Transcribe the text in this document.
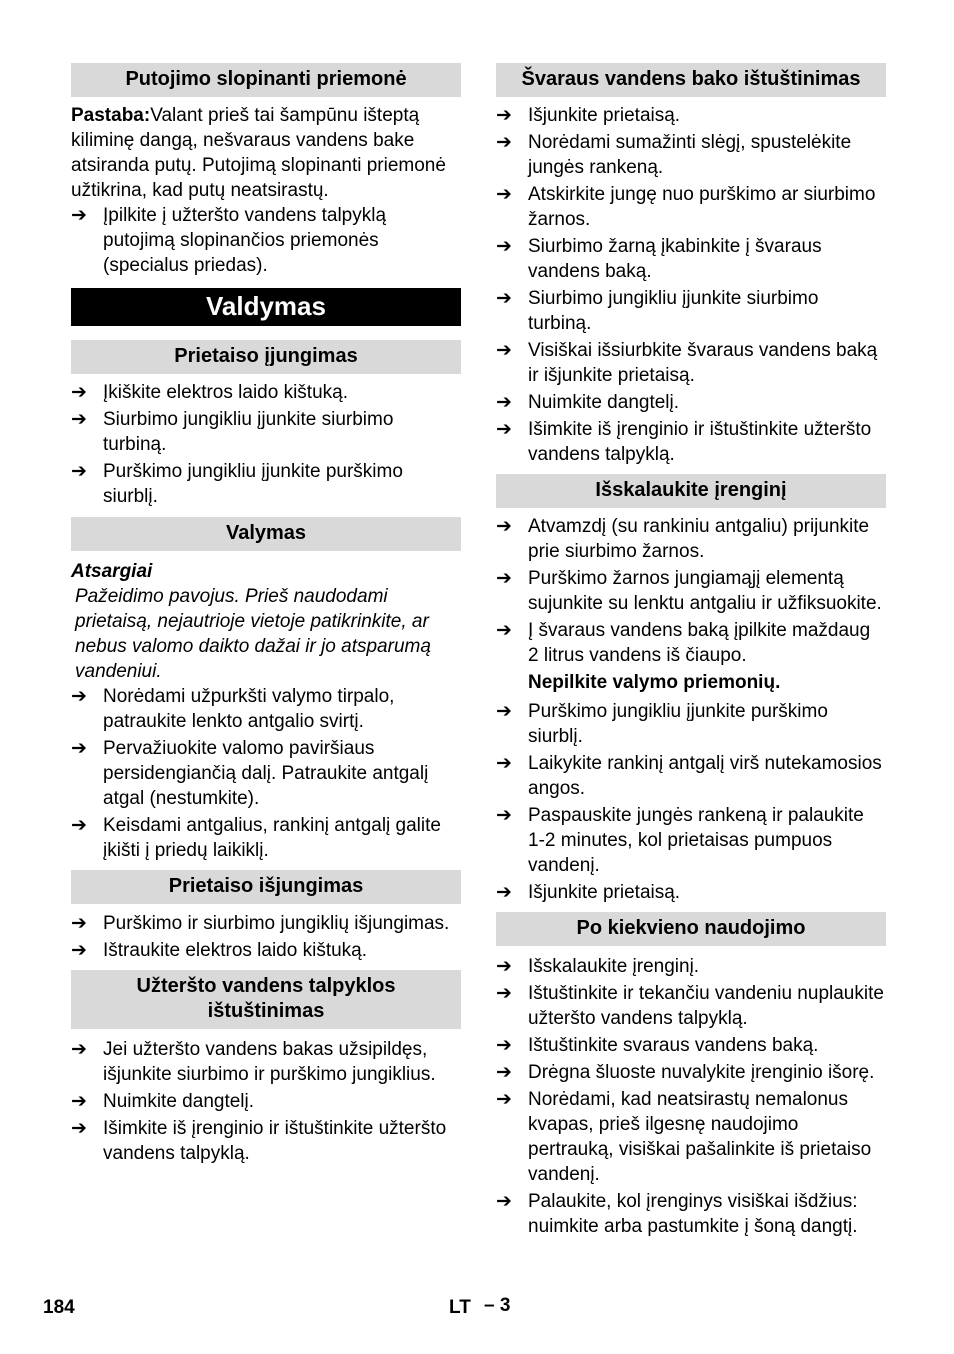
Putojimo slopinanti priemonė
Pastaba:Valant prieš tai šampūnu išteptą kiliminę dangą, nešvaraus vandens bake atsiranda putų. Putojimą slopinanti priemonė užtikrina, kad putų neatsirastų.
➔ Įpilkite į užteršto vandens talpyklą putojimą slopinančios priemonės (specialus priedas).
Valdymas
Prietaiso įjungimas
➔ Įkiškite elektros laido kištuką.
➔ Siurbimo jungikliu įjunkite siurbimo turbiną.
➔ Purškimo jungikliu įjunkite purškimo siurblį.
Valymas
Atsargiai
Pažeidimo pavojus. Prieš naudodami prietaisą, nejautrioje vietoje patikrinkite, ar nebus valomo daikto dažai ir jo atsparumą vandeniui.
➔ Norėdami užpurkšti valymo tirpalo, patraukite lenkto antgalio svirtį.
➔ Pervažiuokite valomo paviršiaus persidengiančią dalį. Patraukite antgalį atgal (nestumkite).
➔ Keisdami antgalius, rankinį antgalį galite įkišti į priedų laikiklį.
Prietaiso išjungimas
➔ Purškimo ir siurbimo jungiklių išjungimas.
➔ Ištraukite elektros laido kištuką.
Užteršto vandens talpyklos ištuštinimas
➔ Jei užteršto vandens bakas užsipildęs, išjunkite siurbimo ir purškimo jungiklius.
➔ Nuimkite dangtelį.
➔ Išimkite iš įrenginio ir ištuštinkite užteršto vandens talpyklą.
Švaraus vandens bako ištuštinimas
➔ Išjunkite prietaisą.
➔ Norėdami sumažinti slėgį, spustelėkite jungės rankeną.
➔ Atskirkite jungę nuo purškimo ar siurbimo žarnos.
➔ Siurbimo žarną įkabinkite į švaraus vandens baką.
➔ Siurbimo jungikliu įjunkite siurbimo turbiną.
➔ Visiškai išsiurbkite švaraus vandens baką ir išjunkite prietaisą.
➔ Nuimkite dangtelį.
➔ Išimkite iš įrenginio ir ištuštinkite užteršto vandens talpyklą.
Išskalaukite įrenginį
➔ Atvamzdį (su rankiniu antgaliu) prijunkite prie siurbimo žarnos.
➔ Purškimo žarnos jungiamąjį elementą sujunkite su lenktu antgaliu ir užfiksuokite.
➔ Į švaraus vandens baką įpilkite maždaug 2 litrus vandens iš čiaupo.
Nepilkite valymo priemonių.
➔ Purškimo jungikliu įjunkite purškimo siurblį.
➔ Laikykite rankinį antgalį virš nutekamosios angos.
➔ Paspauskite jungės rankeną ir palaukite 1-2 minutes, kol prietaisas pumpuos vandenį.
➔ Išjunkite prietaisą.
Po kiekvieno naudojimo
➔ Išskalaukite įrenginį.
➔ Ištuštinkite ir tekančiu vandeniu nuplaukite užteršto vandens talpyklą.
➔ Ištuštinkite svaraus vandens baką.
➔ Drėgna šluoste nuvalykite įrenginio išorę.
➔ Norėdami, kad neatsirastų nemalonus kvapas, prieš ilgesnę naudojimo pertrauką, visiškai pašalinkite iš prietaiso vandenį.
➔ Palaukite, kol įrenginys visiškai išdžius: nuimkite arba pastumkite į šoną dangtį.
184	LT – 3
